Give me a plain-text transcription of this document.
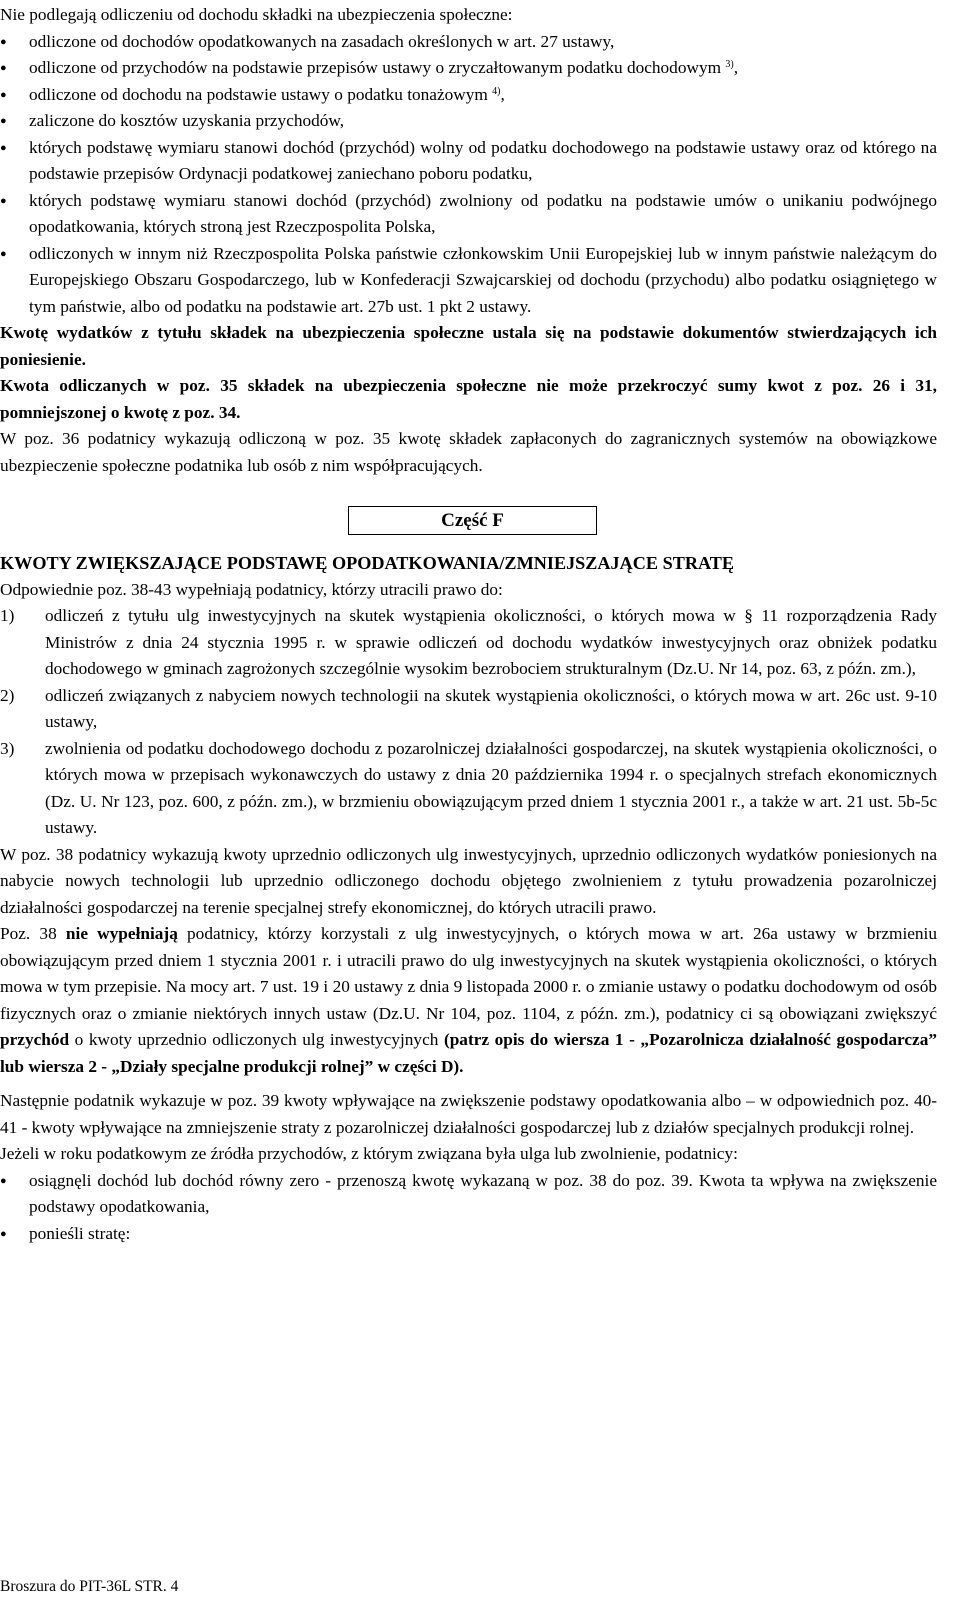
Nie podlegają odliczeniu od dochodu składki na ubezpieczenia społeczne:

● odliczone od dochodów opodatkowanych na zasadach określonych w art. 27 ustawy,
● odliczone od przychodów na podstawie przepisów ustawy o zryczałtowanym podatku dochodowym $^{3)}$,
● odliczone od dochodu na podstawie ustawy o podatku tonażowym $^{4)}$,
● zaliczone do kosztów uzyskania przychodów,
● których podstawę wymiaru stanowi dochód (przychód) wolny od podatku dochodowego na podstawie ustawy oraz od którego na podstawie przepisów Ordynacji podatkowej zaniechano poboru podatku,
● których podstawę wymiaru stanowi dochód (przychód) zwolniony od podatku na podstawie umów o unikaniu podwójnego opodatkowania, których stroną jest Rzeczpospolita Polska,
● odliczonych w innym niż Rzeczpospolita Polska państwie członkowskim Unii Europejskiej lub w innym państwie należącym do Europejskiego Obszaru Gospodarczego, lub w Konfederacji Szwajcarskiej od dochodu (przychodu) albo podatku osiągniętego w tym państwie, albo od podatku na podstawie art. 27b ust. 1 pkt 2 ustawy.

Kwotę wydatków z tytułu składek na ubezpieczenia społeczne ustala się na podstawie dokumentów stwierdzających ich poniesienie.

Kwota odliczanych w poz. 35 składek na ubezpieczenia społeczne nie może przekroczyć sumy kwot z poz. 26 i 31, pomniejszonej o kwotę z poz. 34.

W poz. 36 podatnicy wykazują odliczoną w poz. 35 kwotę składek zapłaconych do zagranicznych systemów na obowiązkowe ubezpieczenie społeczne podatnika lub osób z nim współpracujących.

Część F

KWOTY ZWIĘKSZAJĄCE PODSTAWĘ OPODATKOWANIA/ZMNIEJSZAJĄCE STRATĘ

Odpowiednie poz. 38-43 wypełniają podatnicy, którzy utracili prawo do:

1) odliczeń z tytułu ulg inwestycyjnych na skutek wystąpienia okoliczności, o których mowa w § 11 rozporządzenia Rady Ministrów z dnia 24 stycznia 1995 r. w sprawie odliczeń od dochodu wydatków inwestycyjnych oraz obniżek podatku dochodowego w gminach zagrożonych szczególnie wysokim bezrobociem strukturalnym (Dz.U. Nr 14, poz. 63, z późn. zm.),
2) odliczeń związanych z nabyciem nowych technologii na skutek wystąpienia okoliczności, o których mowa w art. 26c ust. 9-10 ustawy,
3) zwolnienia od podatku dochodowego dochodu z pozarolniczej działalności gospodarczej, na skutek wystąpienia okoliczności, o których mowa w przepisach wykonawczych do ustawy z dnia 20 października 1994 r. o specjalnych strefach ekonomicznych (Dz. U. Nr 123, poz. 600, z późn. zm.), w brzmieniu obowiązującym przed dniem 1 stycznia 2001 r., a także w art. 21 ust. 5b-5c ustawy.

W poz. 38 podatnicy wykazują kwoty uprzednio odliczonych ulg inwestycyjnych, uprzednio odliczonych wydatków poniesionych na nabycie nowych technologii lub uprzednio odliczonego dochodu objętego zwolnieniem z tytułu prowadzenia pozarolniczej działalności gospodarczej na terenie specjalnej strefy ekonomicznej, do których utracili prawo.

Poz. 38 nie wypełniają podatnicy, którzy korzystali z ulg inwestycyjnych, o których mowa w art. 26a ustawy w brzmieniu obowiązującym przed dniem 1 stycznia 2001 r. i utracili prawo do ulg inwestycyjnych na skutek wystąpienia okoliczności, o których mowa w tym przepisie. Na mocy art. 7 ust. 19 i 20 ustawy z dnia 9 listopada 2000 r. o zmianie ustawy o podatku dochodowym od osób fizycznych oraz o zmianie niektórych innych ustaw (Dz.U. Nr 104, poz. 1104, z późn. zm.), podatnicy ci są obowiązani zwiększyć przychód o kwoty uprzednio odliczonych ulg inwestycyjnych (patrz opis do wiersza 1 - „Pozarolnicza działalność gospodarcza” lub wiersza 2 - „Działy specjalne produkcji rolnej” w części D).

Następnie podatnik wykazuje w poz. 39 kwoty wpływające na zwiększenie podstawy opodatkowania albo – w odpowiednich poz. 40-41 - kwoty wpływające na zmniejszenie straty z pozarolniczej działalności gospodarczej lub z działów specjalnych produkcji rolnej.

Jeżeli w roku podatkowym ze źródła przychodów, z którym związana była ulga lub zwolnienie, podatnicy:

● osiągnęli dochód lub dochód równy zero - przenoszą kwotę wykazaną w poz. 38 do poz. 39. Kwota ta wpływa na zwiększenie podstawy opodatkowania,
● ponieśli stratę:
Broszura do PIT-36L STR. 4
